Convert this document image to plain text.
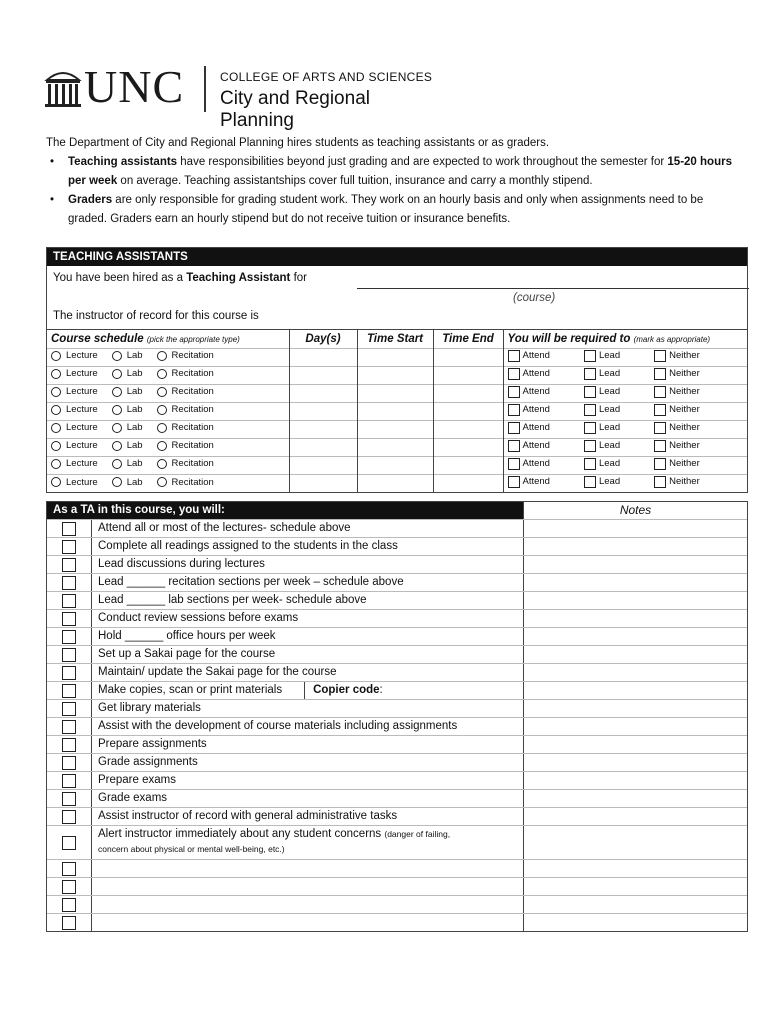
UNC	COLLEGE OF ARTS AND SCIENCES
City and Regional Planning
The Department of City and Regional Planning hires students as teaching assistants or as graders.
• Teaching assistants have responsibilities beyond just grading and are expected to work throughout the semester for 15-20 hours per week on average. Teaching assistantships cover full tuition, insurance and carry a monthly stipend.
• Graders are only responsible for grading student work. They work on an hourly basis and only when assignments need to be graded. Graders earn an hourly stipend but do not receive tuition or insurance benefits.
TEACHING ASSISTANTS
You have been hired as a Teaching Assistant for
(course)
The instructor of record for this course is
Course schedule (pick the appropriate type)	Day(s)	Time Start	Time End	You will be required to (mark as appropriate)

Lecture Lab Recitation				Attend Lead Neither

Lecture Lab Recitation				Attend Lead Neither

Lecture Lab Recitation				Attend Lead Neither

Lecture Lab Recitation				Attend Lead Neither

Lecture Lab Recitation				Attend Lead Neither

Lecture Lab Recitation				Attend Lead Neither

Lecture Lab Recitation				Attend Lead Neither

Lecture Lab Recitation				Attend Lead Neither
As a TA in this course, you will:	Notes
Attend all or most of the lectures- schedule above
Complete all readings assigned to the students in the class
Lead discussions during lectures
Lead ______ recitation sections per week – schedule above
Lead ______ lab sections per week- schedule above
Conduct review sessions before exams
Hold ______ office hours per week
Set up a Sakai page for the course
Maintain/ update the Sakai page for the course
Make copies, scan or print materials	Copier code:
Get library materials
Assist with the development of course materials including assignments
Prepare assignments
Grade assignments
Prepare exams
Grade exams
Assist instructor of record with general administrative tasks
Alert instructor immediately about any student concerns (danger of failing,
concern about physical or mental well-being, etc.)
